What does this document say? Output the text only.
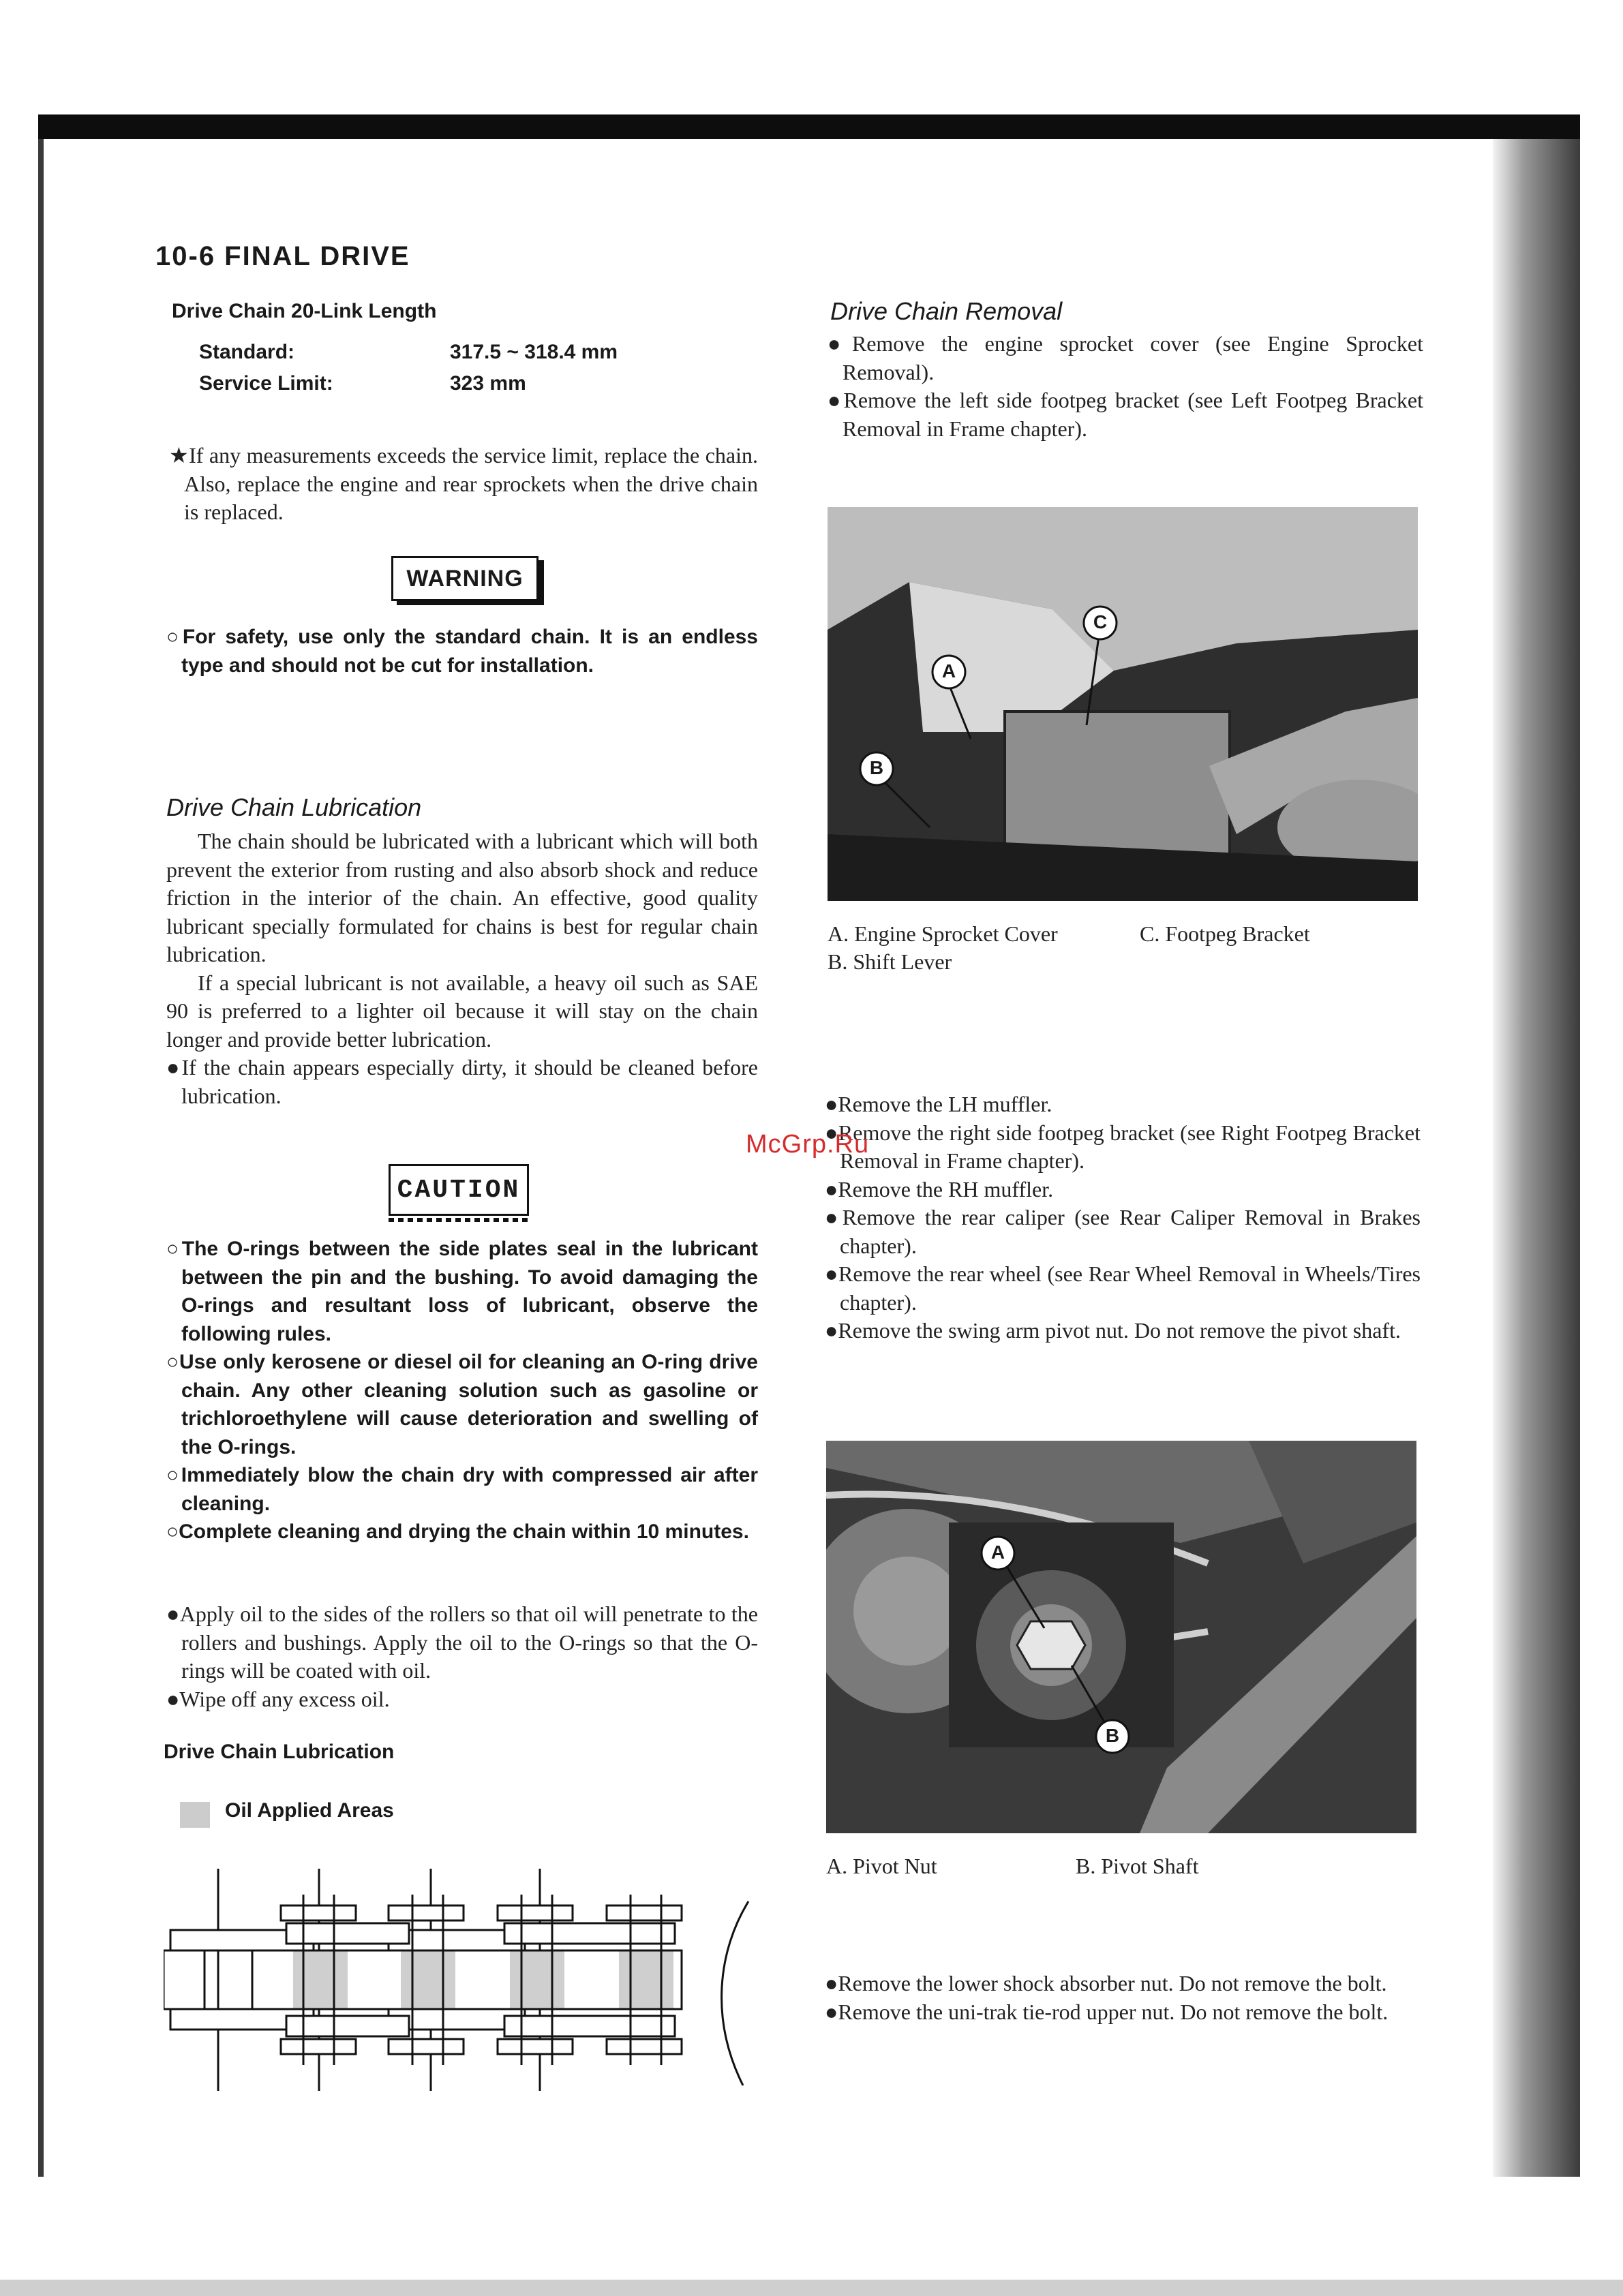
10-6 FINAL DRIVE
Drive Chain 20-Link Length
Standard:	317.5 ~ 318.4 mm
Service Limit:	323 mm

★If any measurements exceeds the service limit, replace the chain. Also, replace the engine and rear sprockets when the drive chain is replaced.

WARNING

○For safety, use only the standard chain. It is an endless type and should not be cut for installation.

Drive Chain Lubrication

The chain should be lubricated with a lubricant which will both prevent the exterior from rusting and also absorb shock and reduce friction in the interior of the chain. An effective, good quality lubricant specially formulated for chains is best for regular chain lubrication.

If a special lubricant is not available, a heavy oil such as SAE 90 is preferred to a lighter oil because it will stay on the chain longer and provide better lubrication.

●If the chain appears especially dirty, it should be cleaned before lubrication.

CAUTION

○The O-rings between the side plates seal in the lubricant between the pin and the bushing. To avoid damaging the O-rings and resultant loss of lubricant, observe the following rules.

○Use only kerosene or diesel oil for cleaning an O-ring drive chain. Any other cleaning solution such as gasoline or trichloroethylene will cause deterioration and swelling of the O-rings.

○Immediately blow the chain dry with compressed air after cleaning.

○Complete cleaning and drying the chain within 10 minutes.

●Apply oil to the sides of the rollers so that oil will penetrate to the rollers and bushings. Apply the oil to the O-rings so that the O-rings will be coated with oil.

●Wipe off any excess oil.

Drive Chain Lubrication
Oil Applied Areas
Drive Chain Removal

●Remove the engine sprocket cover (see Engine Sprocket Removal).

●Remove the left side footpeg bracket (see Left Footpeg Bracket Removal in Frame chapter).

C
A
B
A. Engine Sprocket Cover
B. Shift Lever
C. Footpeg Bracket

●Remove the LH muffler.

●Remove the right side footpeg bracket (see Right Footpeg Bracket Removal in Frame chapter).

●Remove the RH muffler.

●Remove the rear caliper (see Rear Caliper Removal in Brakes chapter).

●Remove the rear wheel (see Rear Wheel Removal in Wheels/Tires chapter).

●Remove the swing arm pivot nut. Do not remove the pivot shaft.

A
B
A. Pivot Nut	B. Pivot Shaft

●Remove the lower shock absorber nut. Do not remove the bolt.

●Remove the uni-trak tie-rod upper nut. Do not remove the bolt.

McGrp.Ru
